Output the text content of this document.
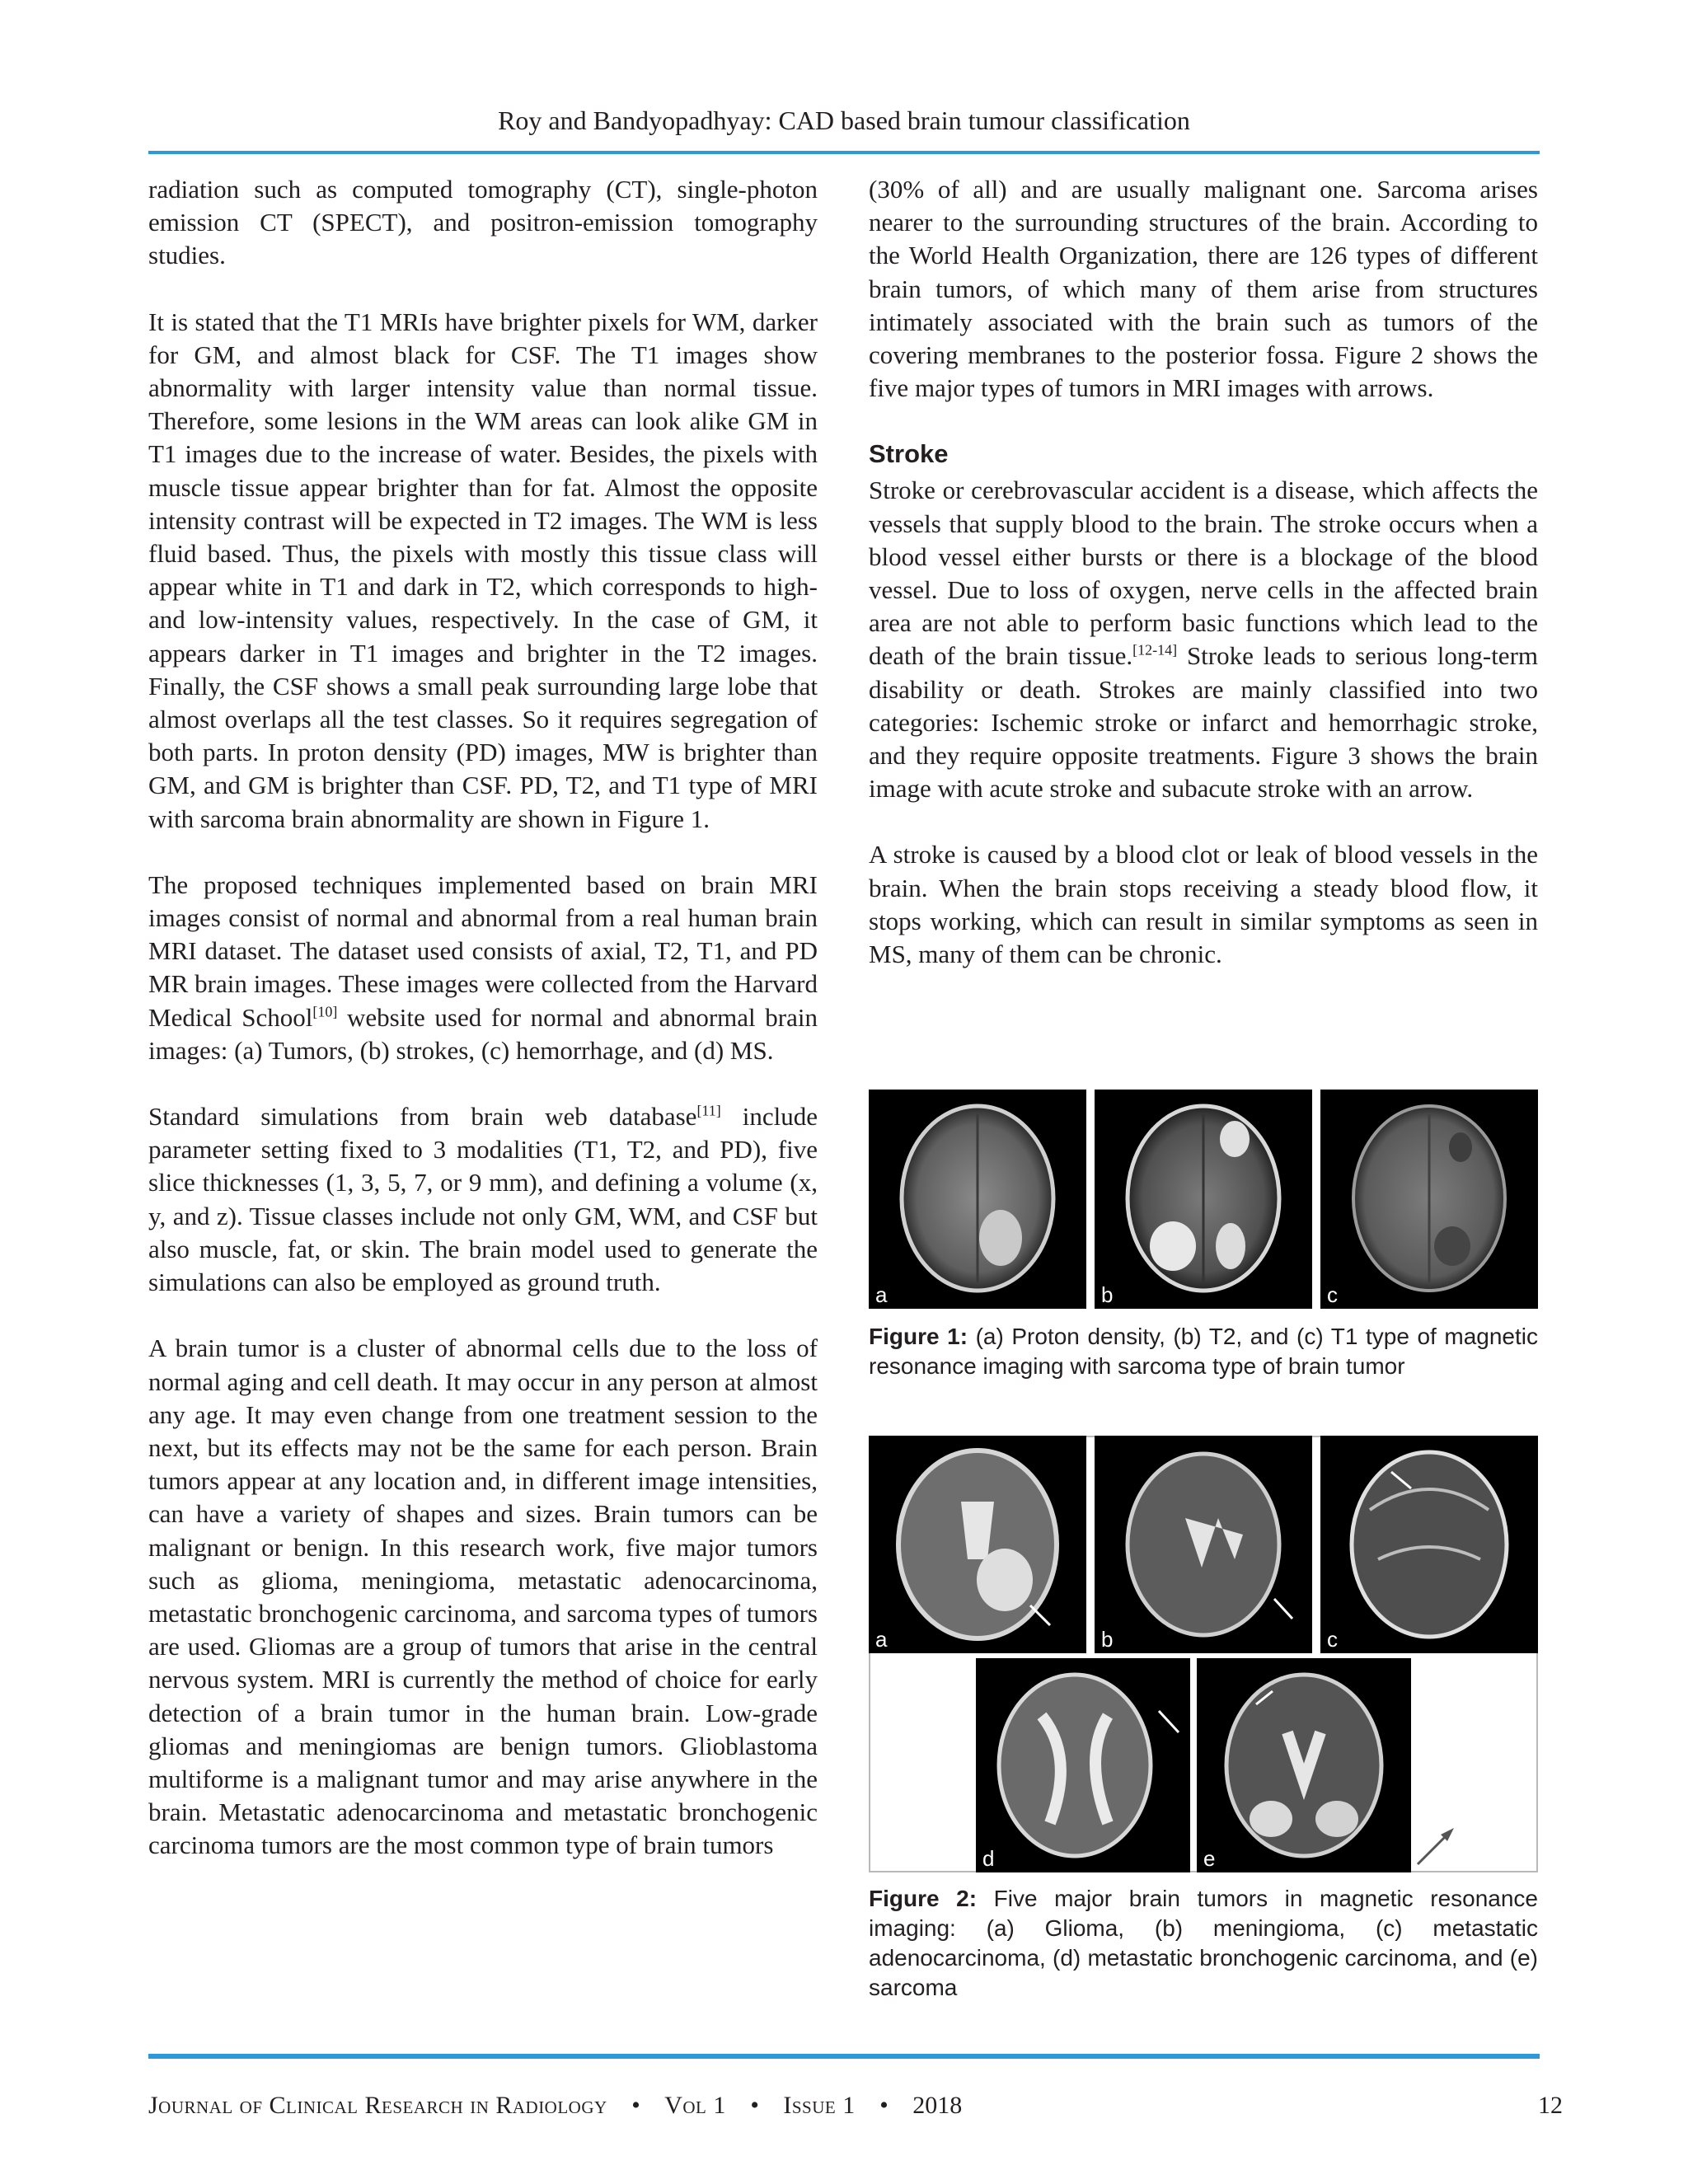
Roy and Bandyopadhyay: CAD based brain tumour classification

radiation such as computed tomography (CT), single-photon emission CT (SPECT), and positron-emission tomography studies.

It is stated that the T1 MRIs have brighter pixels for WM, darker for GM, and almost black for CSF. The T1 images show abnormality with larger intensity value than normal tissue. Therefore, some lesions in the WM areas can look alike GM in T1 images due to the increase of water. Besides, the pixels with muscle tissue appear brighter than for fat. Almost the opposite intensity contrast will be expected in T2 images. The WM is less fluid based. Thus, the pixels with mostly this tissue class will appear white in T1 and dark in T2, which corresponds to high- and low-intensity values, respectively. In the case of GM, it appears darker in T1 images and brighter in the T2 images. Finally, the CSF shows a small peak surrounding large lobe that almost overlaps all the test classes. So it requires segregation of both parts. In proton density (PD) images, MW is brighter than GM, and GM is brighter than CSF. PD, T2, and T1 type of MRI with sarcoma brain abnormality are shown in Figure 1.

The proposed techniques implemented based on brain MRI images consist of normal and abnormal from a real human brain MRI dataset. The dataset used consists of axial, T2, T1, and PD MR brain images. These images were collected from the Harvard Medical School[10] website used for normal and abnormal brain images: (a) Tumors, (b) strokes, (c) hemorrhage, and (d) MS.

Standard simulations from brain web database[11] include parameter setting fixed to 3 modalities (T1, T2, and PD), five slice thicknesses (1, 3, 5, 7, or 9 mm), and defining a volume (x, y, and z). Tissue classes include not only GM, WM, and CSF but also muscle, fat, or skin. The brain model used to generate the simulations can also be employed as ground truth.

A brain tumor is a cluster of abnormal cells due to the loss of normal aging and cell death. It may occur in any person at almost any age. It may even change from one treatment session to the next, but its effects may not be the same for each person. Brain tumors appear at any location and, in different image intensities, can have a variety of shapes and sizes. Brain tumors can be malignant or benign. In this research work, five major tumors such as glioma, meningioma, metastatic adenocarcinoma, metastatic bronchogenic carcinoma, and sarcoma types of tumors are used. Gliomas are a group of tumors that arise in the central nervous system. MRI is currently the method of choice for early detection of a brain tumor in the human brain. Low-grade gliomas and meningiomas are benign tumors. Glioblastoma multiforme is a malignant tumor and may arise anywhere in the brain. Metastatic adenocarcinoma and metastatic bronchogenic carcinoma tumors are the most common type of brain tumors

(30% of all) and are usually malignant one. Sarcoma arises nearer to the surrounding structures of the brain. According to the World Health Organization, there are 126 types of different brain tumors, of which many of them arise from structures intimately associated with the brain such as tumors of the covering membranes to the posterior fossa. Figure 2 shows the five major types of tumors in MRI images with arrows.

Stroke

Stroke or cerebrovascular accident is a disease, which affects the vessels that supply blood to the brain. The stroke occurs when a blood vessel either bursts or there is a blockage of the blood vessel. Due to loss of oxygen, nerve cells in the affected brain area are not able to perform basic functions which lead to the death of the brain tissue.[12-14] Stroke leads to serious long-term disability or death. Strokes are mainly classified into two categories: Ischemic stroke or infarct and hemorrhagic stroke, and they require opposite treatments. Figure 3 shows the brain image with acute stroke and subacute stroke with an arrow.

A stroke is caused by a blood clot or leak of blood vessels in the brain. When the brain stops receiving a steady blood flow, it stops working, which can result in similar symptoms as seen in MS, many of them can be chronic.

a	b	c
Figure 1: (a) Proton density, (b) T2, and (c) T1 type of magnetic resonance imaging with sarcoma type of brain tumor
a	b	c
d	e
Figure 2: Five major brain tumors in magnetic resonance imaging: (a) Glioma, (b) meningioma, (c) metastatic adenocarcinoma, (d) metastatic bronchogenic carcinoma, and (e) sarcoma
Journal of Clinical Research in Radiology • Vol 1 • Issue 1 • 2018	12
